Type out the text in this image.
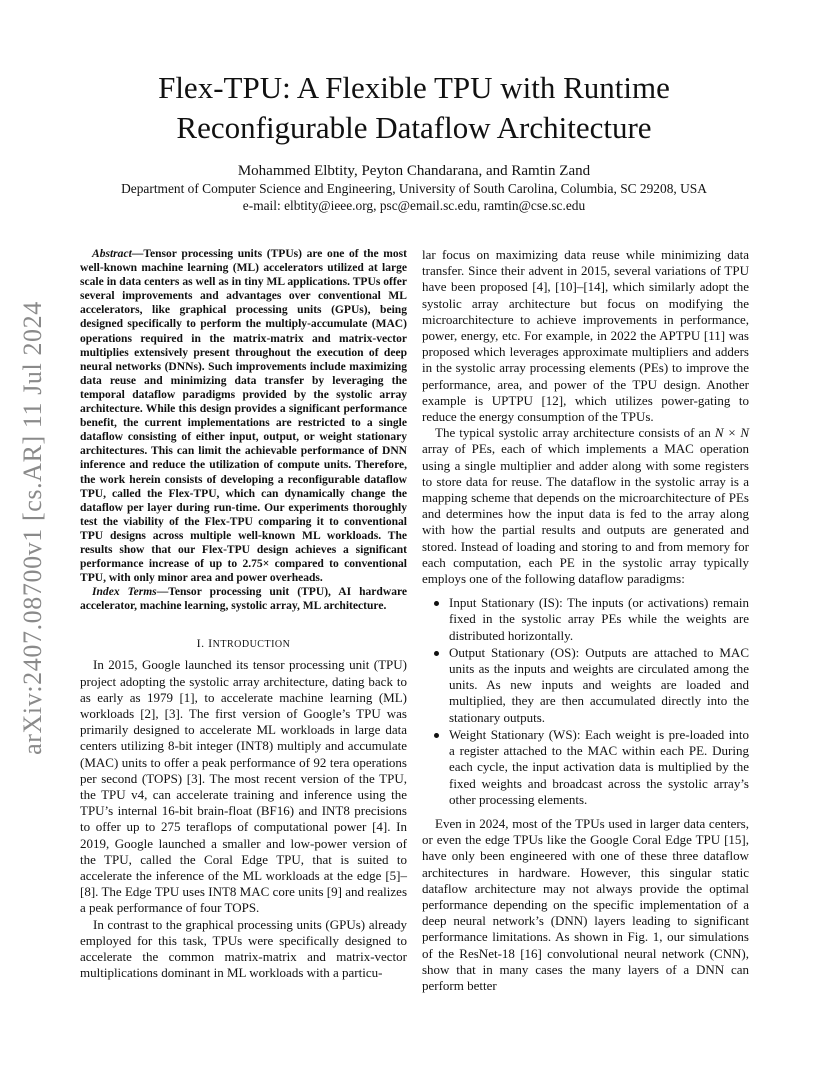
arXiv:2407.08700v1 [cs.AR] 11 Jul 2024
Flex-TPU: A Flexible TPU with Runtime
Reconfigurable Dataflow Architecture
Mohammed Elbtity, Peyton Chandarana, and Ramtin Zand
Department of Computer Science and Engineering, University of South Carolina, Columbia, SC 29208, USA
e-mail: elbtity@ieee.org, psc@email.sc.edu, ramtin@cse.sc.edu

Abstract—Tensor processing units (TPUs) are one of the most well-known machine learning (ML) accelerators utilized at large scale in data centers as well as in tiny ML applications. TPUs offer several improvements and advantages over conventional ML accelerators, like graphical processing units (GPUs), being designed specifically to perform the multiply-accumulate (MAC) operations required in the matrix-matrix and matrix-vector multiplies extensively present throughout the execution of deep neural networks (DNNs). Such improvements include maximizing data reuse and minimizing data transfer by leveraging the temporal dataflow paradigms provided by the systolic array architecture. While this design provides a significant performance benefit, the current implementations are restricted to a single dataflow consisting of either input, output, or weight stationary architectures. This can limit the achievable performance of DNN inference and reduce the utilization of compute units. Therefore, the work herein consists of developing a reconfigurable dataflow TPU, called the Flex-TPU, which can dynamically change the dataflow per layer during run-time. Our experiments thoroughly test the viability of the Flex-TPU comparing it to conventional TPU designs across multiple well-known ML workloads. The results show that our Flex-TPU design achieves a significant performance increase of up to 2.75× compared to conventional TPU, with only minor area and power overheads.

Index Terms—Tensor processing unit (TPU), AI hardware accelerator, machine learning, systolic array, ML architecture.

I. INTRODUCTION

In 2015, Google launched its tensor processing unit (TPU) project adopting the systolic array architecture, dating back to as early as 1979 [1], to accelerate machine learning (ML) workloads [2], [3]. The first version of Google’s TPU was primarily designed to accelerate ML workloads in large data centers utilizing 8-bit integer (INT8) multiply and accumulate (MAC) units to offer a peak performance of 92 tera operations per second (TOPS) [3]. The most recent version of the TPU, the TPU v4, can accelerate training and inference using the TPU’s internal 16-bit brain-float (BF16) and INT8 precisions to offer up to 275 teraflops of computational power [4]. In 2019, Google launched a smaller and low-power version of the TPU, called the Coral Edge TPU, that is suited to accelerate the inference of the ML workloads at the edge [5]–[8]. The Edge TPU uses INT8 MAC core units [9] and realizes a peak performance of four TOPS.

In contrast to the graphical processing units (GPUs) already employed for this task, TPUs were specifically designed to accelerate the common matrix-matrix and matrix-vector multiplications dominant in ML workloads with a particu-

lar focus on maximizing data reuse while minimizing data transfer. Since their advent in 2015, several variations of TPU have been proposed [4], [10]–[14], which similarly adopt the systolic array architecture but focus on modifying the microarchitecture to achieve improvements in performance, power, energy, etc. For example, in 2022 the APTPU [11] was proposed which leverages approximate multipliers and adders in the systolic array processing elements (PEs) to improve the performance, area, and power of the TPU design. Another example is UPTPU [12], which utilizes power-gating to reduce the energy consumption of the TPUs.

The typical systolic array architecture consists of an N × N array of PEs, each of which implements a MAC operation using a single multiplier and adder along with some registers to store data for reuse. The dataflow in the systolic array is a mapping scheme that depends on the microarchitecture of PEs and determines how the input data is fed to the array along with how the partial results and outputs are generated and stored. Instead of loading and storing to and from memory for each computation, each PE in the systolic array typically employs one of the following dataflow paradigms:

Input Stationary (IS): The inputs (or activations) remain fixed in the systolic array PEs while the weights are distributed horizontally.
Output Stationary (OS): Outputs are attached to MAC units as the inputs and weights are circulated among the units. As new inputs and weights are loaded and multiplied, they are then accumulated directly into the stationary outputs.
Weight Stationary (WS): Each weight is pre-loaded into a register attached to the MAC within each PE. During each cycle, the input activation data is multiplied by the fixed weights and broadcast across the systolic array’s other processing elements.

Even in 2024, most of the TPUs used in larger data centers, or even the edge TPUs like the Google Coral Edge TPU [15], have only been engineered with one of these three dataflow architectures in hardware. However, this singular static dataflow architecture may not always provide the optimal performance depending on the specific implementation of a deep neural network’s (DNN) layers leading to significant performance limitations. As shown in Fig. 1, our simulations of the ResNet-18 [16] convolutional neural network (CNN), show that in many cases the many layers of a DNN can perform better
